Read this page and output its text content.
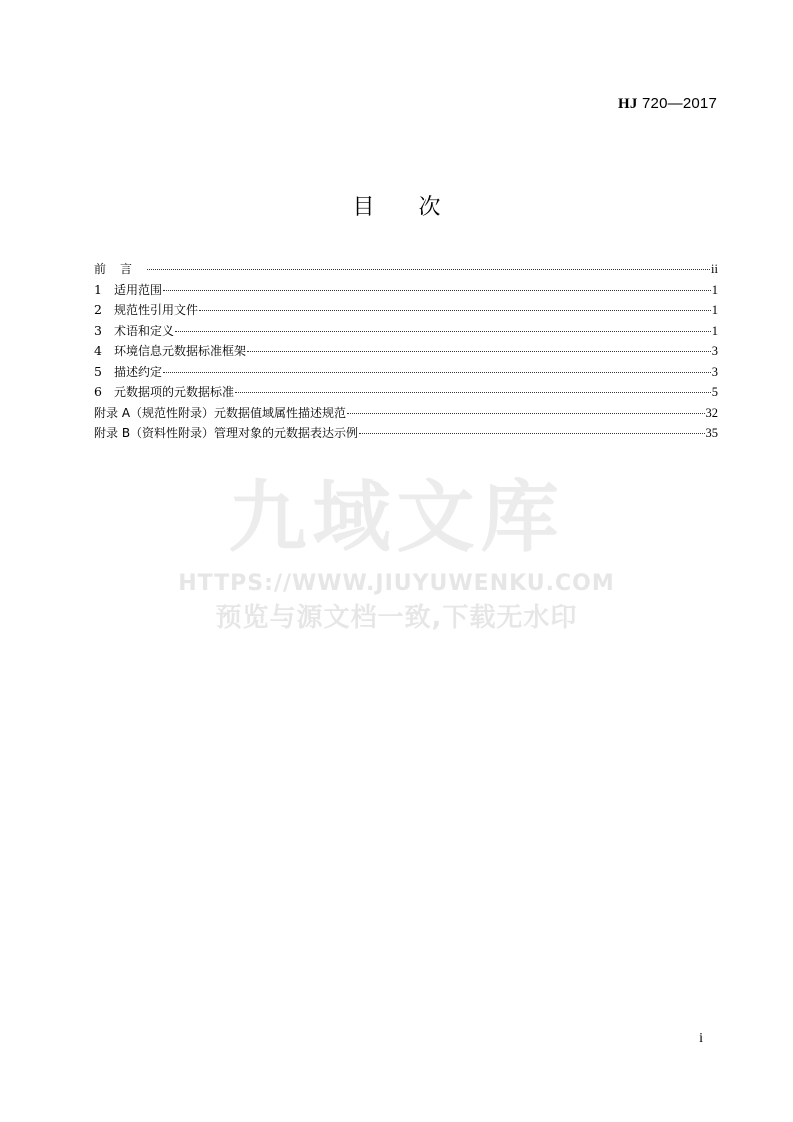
HJ 720—2017
目次
前言	ii
1	适用范围	1
2	规范性引用文件	1
3	术语和定义	1
4	环境信息元数据标准框架	3
5	描述约定	3
6	元数据项的元数据标准	5
附录 A（规范性附录）元数据值域属性描述规范	32
附录 B（资料性附录）管理对象的元数据表达示例	35
九域文库
HTTPS://WWW.JIUYUWENKU.COM
预览与源文档一致,下载无水印
i
